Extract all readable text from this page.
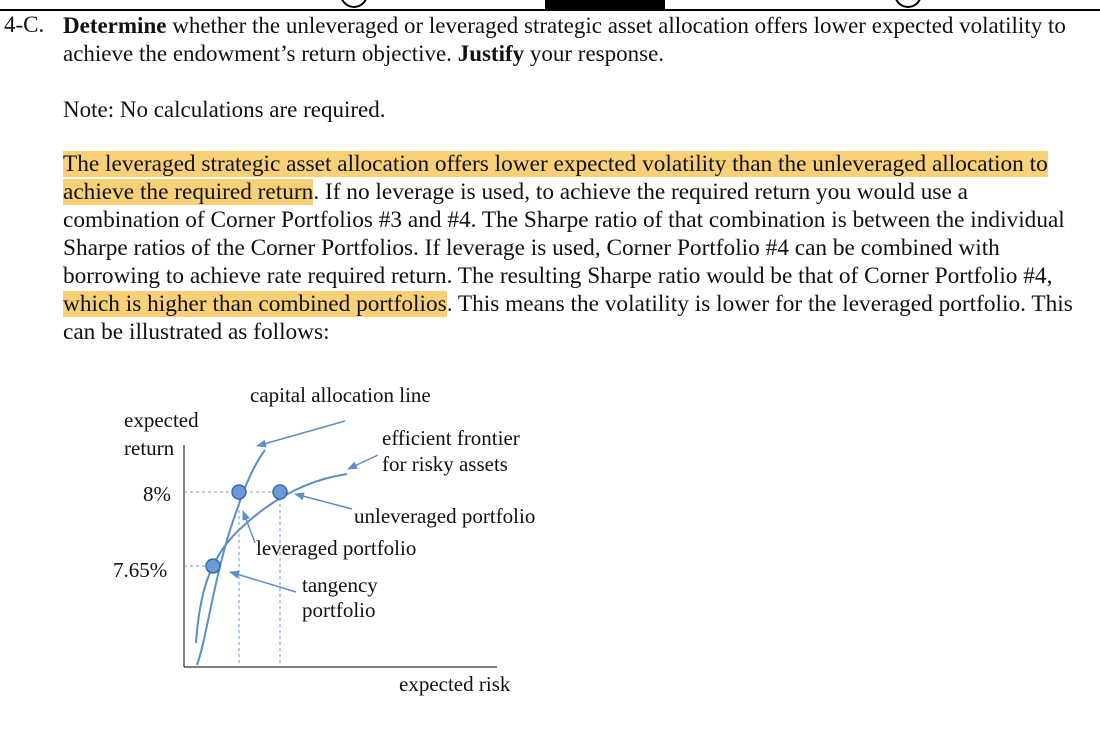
4-C. Determine whether the unleveraged or leveraged strategic asset allocation offers lower expected volatility to achieve the endowment’s return objective. Justify your response.
Note: No calculations are required.
The leveraged strategic asset allocation offers lower expected volatility than the unleveraged allocation to achieve the required return. If no leverage is used, to achieve the required return you would use a combination of Corner Portfolios #3 and #4. The Sharpe ratio of that combination is between the individual Sharpe ratios of the Corner Portfolios. If leverage is used, Corner Portfolio #4 can be combined with borrowing to achieve rate required return. The resulting Sharpe ratio would be that of Corner Portfolio #4, which is higher than combined portfolios. This means the volatility is lower for the leveraged portfolio. This can be illustrated as follows:
expected
return
8%
7.65%
expected risk
capital allocation line
efficient frontier
for risky assets
unleveraged portfolio
leveraged portfolio
tangency
portfolio
